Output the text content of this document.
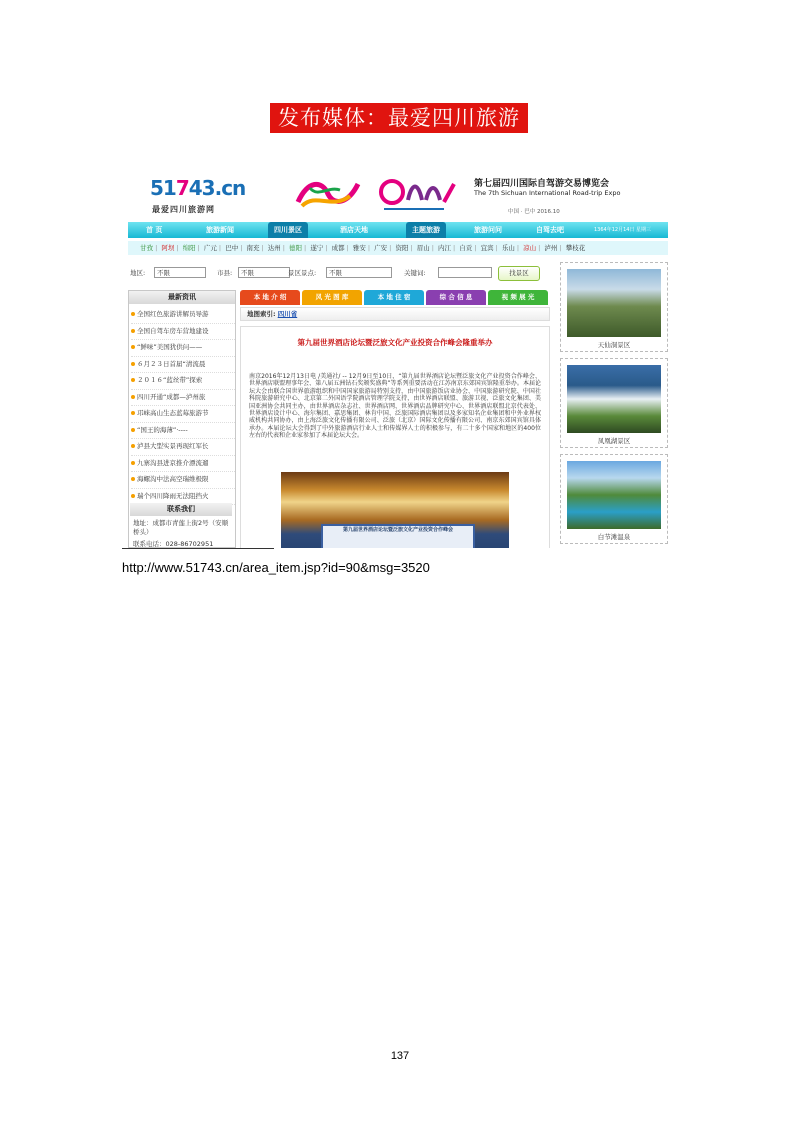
发布媒体：最爱四川旅游网
51743.cn
最爱四川旅游网
第七届四川国际自驾游交易博览会
The 7th Sichuan International Road-trip Expo
中国 · 巴中 2016.10
首 页	旅游新闻	四川景区	酒店天地	主题旅游	旅游问问	自驾去吧	1364年12月14日 星期三
甘孜 | 阿坝 | 绵阳 | 广元 | 巴中 | 南充 | 达州 | 德阳 | 遂宁 | 成都 | 雅安 | 广安 | 资阳 | 眉山 | 内江 | 自贡 | 宜宾 | 乐山 | 凉山 | 泸州 | 攀枝花
地区:	不限	市县:	不限	景区景点:	不限	关键词:	找景区
最新资讯
全国红色旅游讲解员导游
全国自驾车房车营地建设
“鲜味”美国犹供问——
６月２３日首届“清流晨
２０１６“蓝丝带”探索
四川开通“成都—泸州旅
邛崃高山生态蓝莓旅游节
“国王的海薄”·----
泸县大型实景再现红军长
九寨沟县进京推介漂流遛
海螺沟中法高空瑞维极限
瑞个四川降雨无法阻挡火
联系我们
地址：成都市青莲上街2号（安顺桥头）
联系电话：028-86702951
本 地 介 绍	风 光 图 库	本 地 住 宿	综 合 信 息	视 频 展 光
地图索引: 四川省
第九届世界酒店论坛暨泛旅文化产业投资合作峰会隆重举办
南京2016年12月13日电 /美通社/ -- 12月9日至10日，“第九届世界酒店论坛暨泛旅文化产业投资合作峰会、世界酒店联盟理事年会、第八届五洲钻石奖颁奖盛典”等系列重要活动在江苏南京东郊国宾馆隆重举办。本届论坛大会由联合国世界旅游组织和中国国家旅游局特别支持，由中国旅游饭店业协会、中国旅游研究院、中国社科院旅游研究中心、北京第二外国语学院酒店管理学院支持，由世界酒店联盟、旅游卫视、泛旅文化集团、美国亚洲协会共同主办，由世界酒店杂志社、世界酒店网、世界酒店品牌研究中心、世界酒店联盟北京代表处、世界酒店设计中心、海尔集团、嘉思集团、林肯中国、泛旅国际酒店集团以及多家知名企业集团和中外业界权威机构共同协办，由上海泛旅文化传播有限公司、泛旅（北京）国际文化传播有限公司、南京东郊国宾馆具体承办。本届论坛大会得到了中外旅游酒店行业人士和传媒界人士的积极参与，有二十多个国家和地区的400位左右的代表和企业家参加了本届论坛大会。
第九届世界酒店论坛暨泛旅文化产业投资合作峰会
天仙洞景区
凤凰湖景区
白节滩温泉
http://www.51743.cn/area_item.jsp?id=90&msg=3520
137
